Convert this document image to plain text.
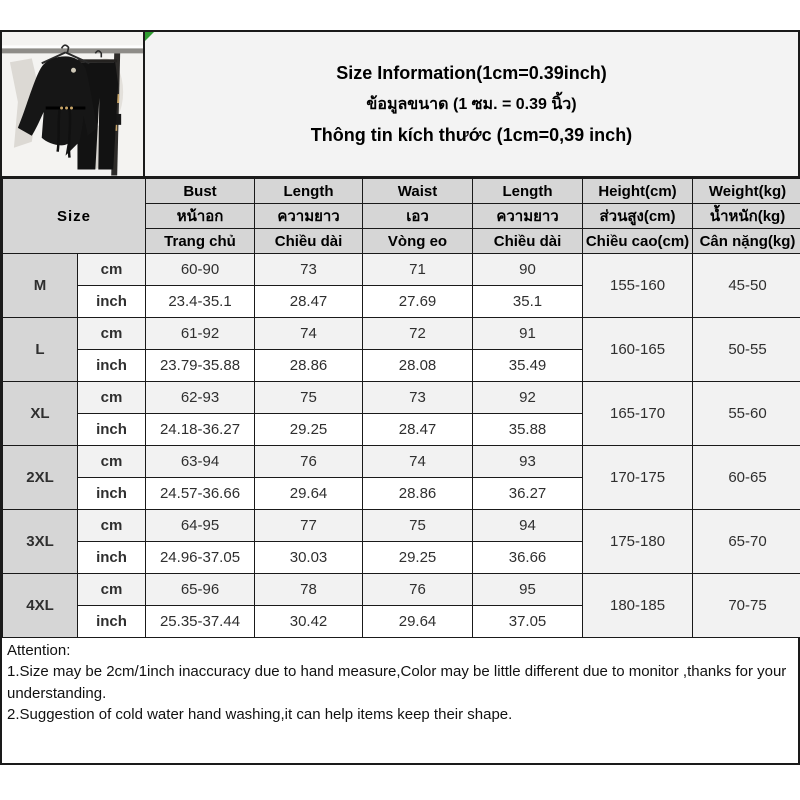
Size Information(1cm=0.39inch)
ข้อมูลขนาด (1 ซม. = 0.39 นิ้ว)
Thông tin kích thước (1cm=0,39 inch)
Size		Bust	Length	Waist	Length	Height(cm)	Weight(kg)
		หน้าอก	ความยาว	เอว	ความยาว	ส่วนสูง(cm)	น้ำหนัก(kg)
		Trang chủ	Chiều dài	Vòng eo	Chiều dài	Chiều cao(cm)	Cân nặng(kg)
M	cm	60-90	73	71	90	155-160	45-50
	inch	23.4-35.1	28.47	27.69	35.1		
L	cm	61-92	74	72	91	160-165	50-55
	inch	23.79-35.88	28.86	28.08	35.49		
XL	cm	62-93	75	73	92	165-170	55-60
	inch	24.18-36.27	29.25	28.47	35.88		
2XL	cm	63-94	76	74	93	170-175	60-65
	inch	24.57-36.66	29.64	28.86	36.27		
3XL	cm	64-95	77	75	94	175-180	65-70
	inch	24.96-37.05	30.03	29.25	36.66		
4XL	cm	65-96	78	76	95	180-185	70-75
	inch	25.35-37.44	30.42	29.64	37.05		
Attention:
1.Size may be 2cm/1inch inaccuracy due to hand measure,Color may be little different due to monitor ,thanks for your understanding.
2.Suggestion of cold water hand washing,it can help items keep their shape.
